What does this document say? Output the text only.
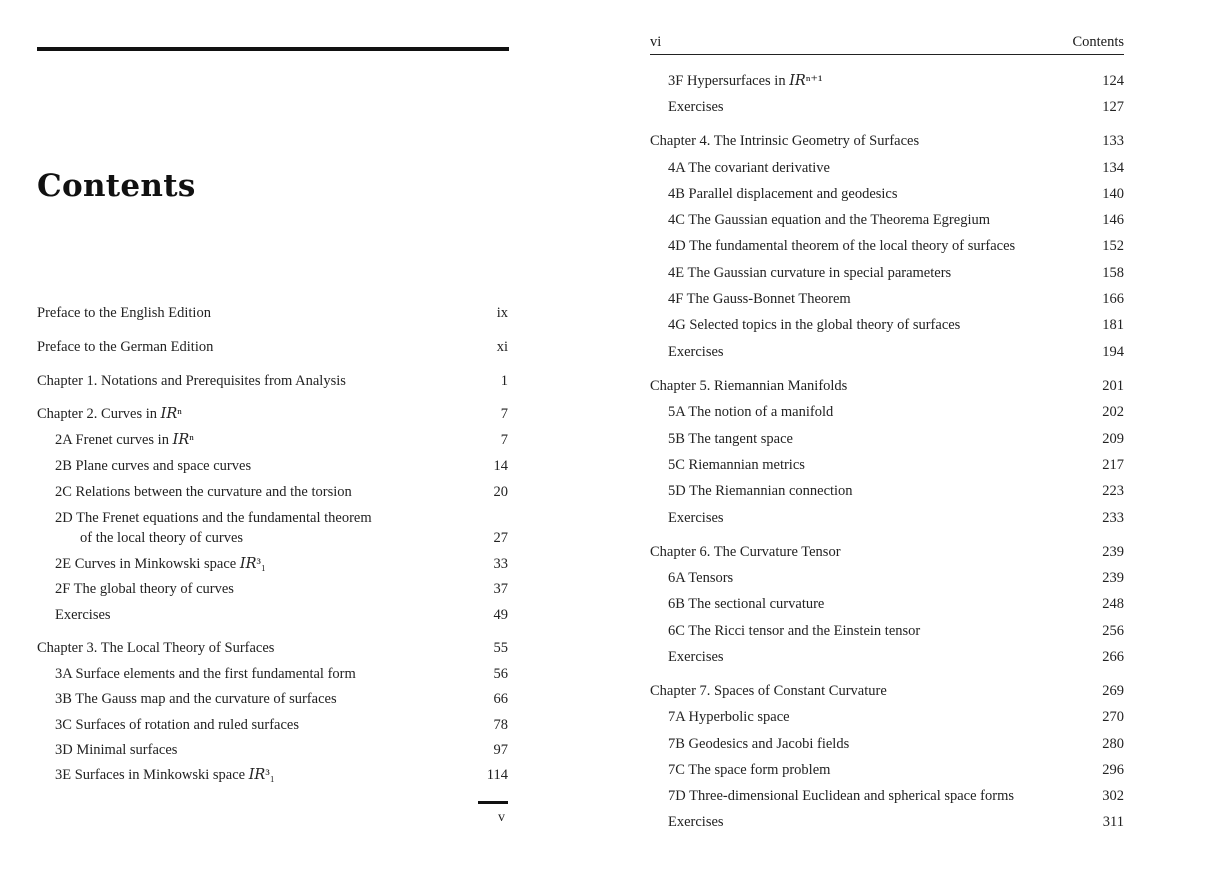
Contents
Preface to the English Edition	ix
Preface to the German Edition	xi
Chapter 1. Notations and Prerequisites from Analysis	1
Chapter 2. Curves in 𝐼𝑅ⁿ	7
2A Frenet curves in 𝐼𝑅ⁿ	7
2B Plane curves and space curves	14
2C Relations between the curvature and the torsion	20
2D The Frenet equations and the fundamental theorem
of the local theory of curves	27
2E Curves in Minkowski space 𝐼𝑅³₁	33
2F The global theory of curves	37
Exercises	49
Chapter 3. The Local Theory of Surfaces	55
3A Surface elements and the first fundamental form	56
3B The Gauss map and the curvature of surfaces	66
3C Surfaces of rotation and ruled surfaces	78
3D Minimal surfaces	97
3E Surfaces in Minkowski space 𝐼𝑅³₁	114
v
vi	Contents
3F Hypersurfaces in 𝐼𝑅ⁿ⁺¹	124
Exercises	127
Chapter 4. The Intrinsic Geometry of Surfaces	133
4A The covariant derivative	134
4B Parallel displacement and geodesics	140
4C The Gaussian equation and the Theorema Egregium	146
4D The fundamental theorem of the local theory of surfaces	152
4E The Gaussian curvature in special parameters	158
4F The Gauss-Bonnet Theorem	166
4G Selected topics in the global theory of surfaces	181
Exercises	194
Chapter 5. Riemannian Manifolds	201
5A The notion of a manifold	202
5B The tangent space	209
5C Riemannian metrics	217
5D The Riemannian connection	223
Exercises	233
Chapter 6. The Curvature Tensor	239
6A Tensors	239
6B The sectional curvature	248
6C The Ricci tensor and the Einstein tensor	256
Exercises	266
Chapter 7. Spaces of Constant Curvature	269
7A Hyperbolic space	270
7B Geodesics and Jacobi fields	280
7C The space form problem	296
7D Three-dimensional Euclidean and spherical space forms	302
Exercises	311
